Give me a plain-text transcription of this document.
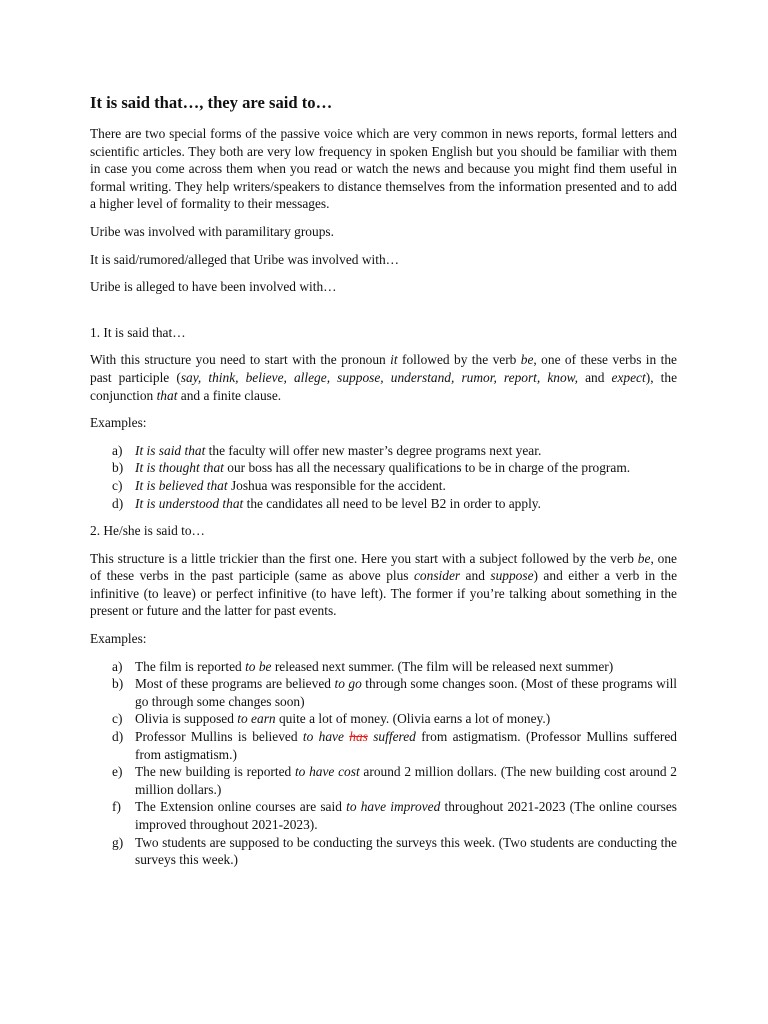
It is said that…, they are said to…

There are two special forms of the passive voice which are very common in news reports, formal letters and scientific articles. They both are very low frequency in spoken English but you should be familiar with them in case you come across them when you read or watch the news and because you might find them useful in formal writing. They help writers/speakers to distance themselves from the information presented and to add a higher level of formality to their messages.

Uribe was involved with paramilitary groups.

It is said/rumored/alleged that Uribe was involved with…

Uribe is alleged to have been involved with…

1. It is said that…

With this structure you need to start with the pronoun it followed by the verb be, one of these verbs in the past participle (say, think, believe, allege, suppose, understand, rumor, report, know, and expect), the conjunction that and a finite clause.

Examples:

a) It is said that the faculty will offer new master’s degree programs next year.
b) It is thought that our boss has all the necessary qualifications to be in charge of the program.
c) It is believed that Joshua was responsible for the accident.
d) It is understood that the candidates all need to be level B2 in order to apply.

2. He/she is said to…

This structure is a little trickier than the first one. Here you start with a subject followed by the verb be, one of these verbs in the past participle (same as above plus consider and suppose) and either a verb in the infinitive (to leave) or perfect infinitive (to have left). The former if you’re talking about something in the present or future and the latter for past events.

Examples:

a) The film is reported to be released next summer. (The film will be released next summer)
b) Most of these programs are believed to go through some changes soon. (Most of these programs will go through some changes soon)
c) Olivia is supposed to earn quite a lot of money. (Olivia earns a lot of money.)
d) Professor Mullins is believed to have has suffered from astigmatism. (Professor Mullins suffered from astigmatism.)
e) The new building is reported to have cost around 2 million dollars. (The new building cost around 2 million dollars.)
f) The Extension online courses are said to have improved throughout 2021-2023 (The online courses improved throughout 2021-2023).
g) Two students are supposed to be conducting the surveys this week. (Two students are conducting the surveys this week.)
